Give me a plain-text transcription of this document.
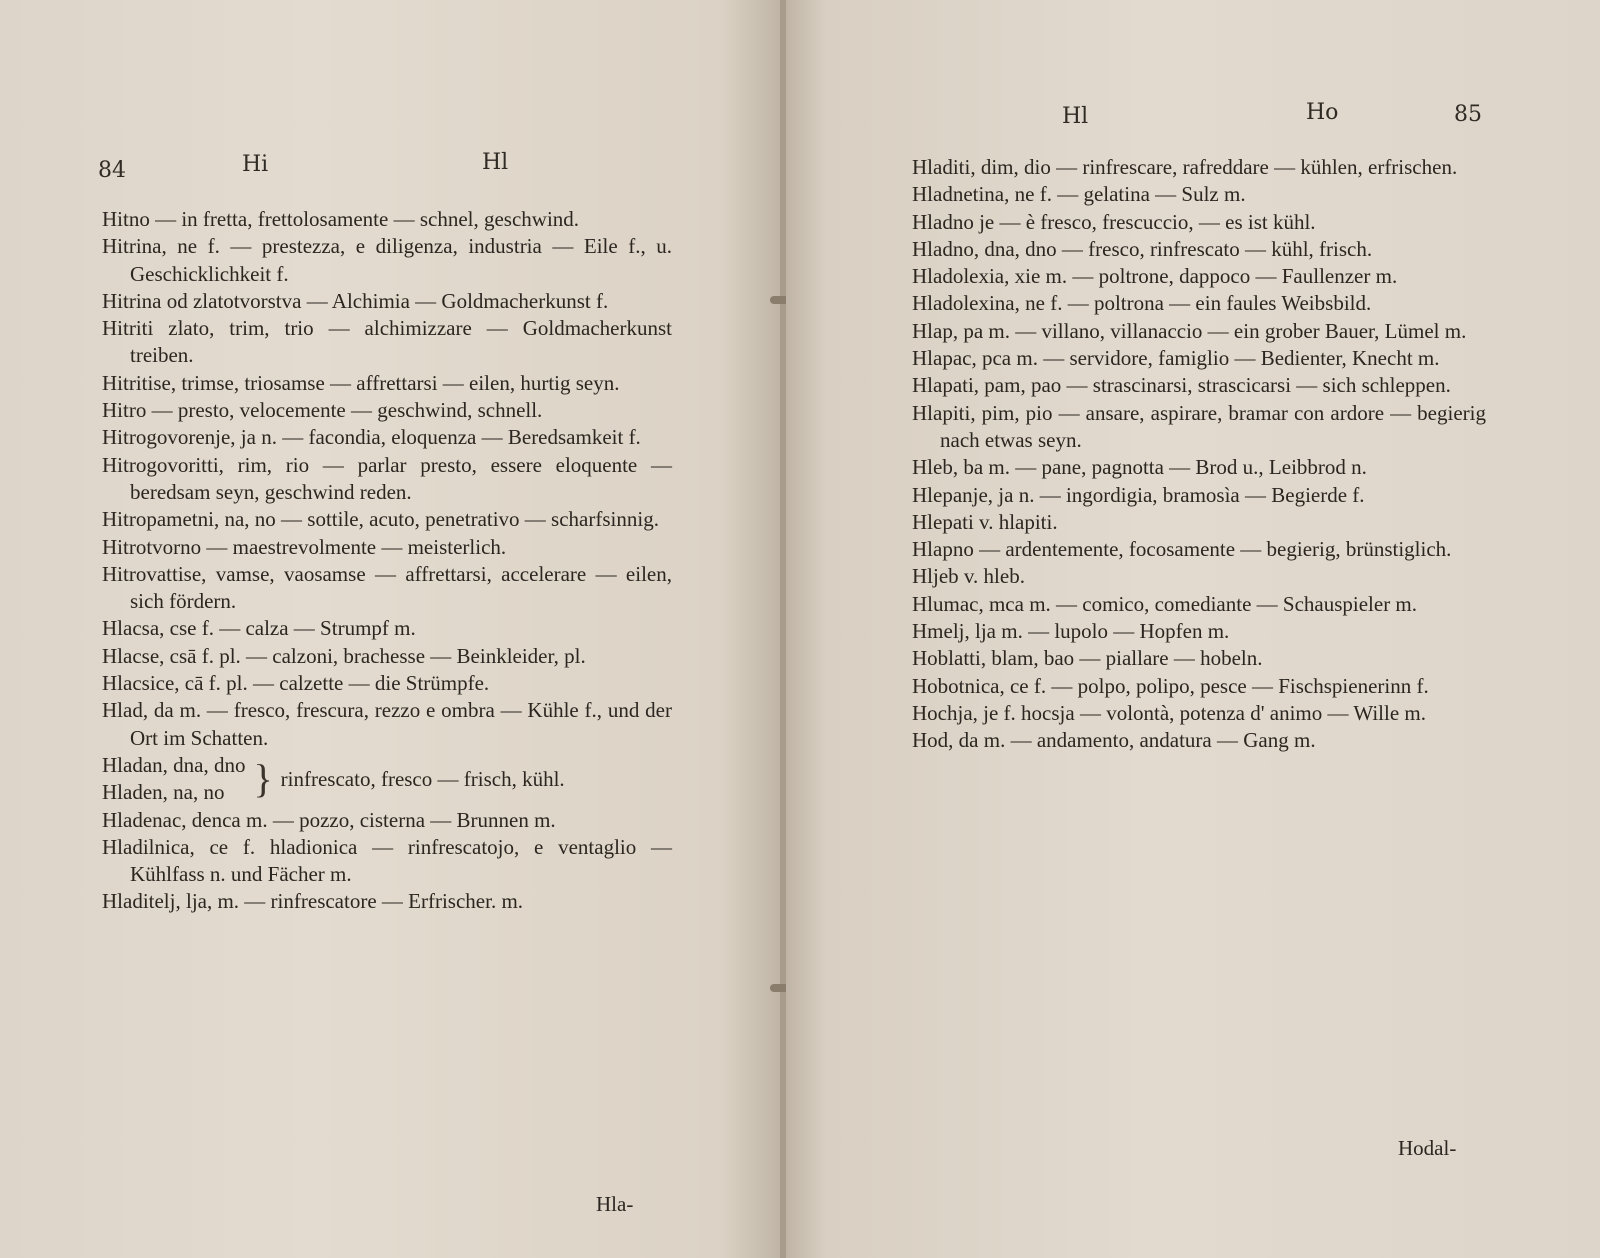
84	Hi	Hl
Hitno — in fretta, frettolosamente — schnel, geschwind.
Hitrina, ne f. — prestezza, e diligenza, industria — Eile f., u. Geschicklichkeit f.
Hitrina od zlatotvorstva — Alchimia — Goldmacherkunst f.
Hitriti zlato, trim, trio — alchimizzare — Goldmacherkunst treiben.
Hitritise, trimse, triosamse — affrettarsi — eilen, hurtig seyn.
Hitro — presto, velocemente — geschwind, schnell.
Hitrogovorenje, ja n. — facondia, eloquenza — Beredsamkeit f.
Hitrogovoritti, rim, rio — parlar presto, essere eloquente — beredsam seyn, geschwind reden.
Hitropametni, na, no — sottile, acuto, penetrativo — scharfsinnig.
Hitrotvorno — maestrevolmente — meisterlich.
Hitrovattise, vamse, vaosamse — affrettarsi, accelerare — eilen, sich fördern.
Hlacsa, cse f. — calza — Strumpf m.
Hlacse, csā f. pl. — calzoni, brachesse — Beinkleider, pl.
Hlacsice, cā f. pl. — calzette — die Strümpfe.
Hlad, da m. — fresco, frescura, rezzo e ombra — Kühle f., und der Ort im Schatten.
Hladan, dna, dno
Hladen, na, no } rinfrescato, fresco — frisch, kühl.
Hladenac, denca m. — pozzo, cisterna — Brunnen m.
Hladilnica, ce f. hladionica — rinfrescatojo, e ventaglio — Kühlfass n. und Fächer m.
Hladitelj, lja, m. — rinfrescatore — Erfrischer. m.
Hla-
Hl	Ho	85
Hladiti, dim, dio — rinfrescare, rafreddare — kühlen, erfrischen.
Hladnetina, ne f. — gelatina — Sulz m.
Hladno je — è fresco, frescuccio, — es ist kühl.
Hladno, dna, dno — fresco, rinfrescato — kühl, frisch.
Hladolexia, xie m. — poltrone, dappoco — Faullenzer m.
Hladolexina, ne f. — poltrona — ein faules Weibsbild.
Hlap, pa m. — villano, villanaccio — ein grober Bauer, Lümel m.
Hlapac, pca m. — servidore, famiglio — Bedienter, Knecht m.
Hlapati, pam, pao — strascinarsi, strascicarsi — sich schleppen.
Hlapiti, pim, pio — ansare, aspirare, bramar con ardore — begierig nach etwas seyn.
Hleb, ba m. — pane, pagnotta — Brod u., Leibbrod n.
Hlepanje, ja n. — ingordigia, bramosìa — Begierde f.
Hlepati v. hlapiti.
Hlapno — ardentemente, focosamente — begierig, brünstiglich.
Hljeb v. hleb.
Hlumac, mca m. — comico, comediante — Schauspieler m.
Hmelj, lja m. — lupolo — Hopfen m.
Hoblatti, blam, bao — piallare — hobeln.
Hobotnica, ce f. — polpo, polipo, pesce — Fischspienerinn f.
Hochja, je f. hocsja — volontà, potenza d' animo — Wille m.
Hod, da m. — andamento, andatura — Gang m.
Hodal-
